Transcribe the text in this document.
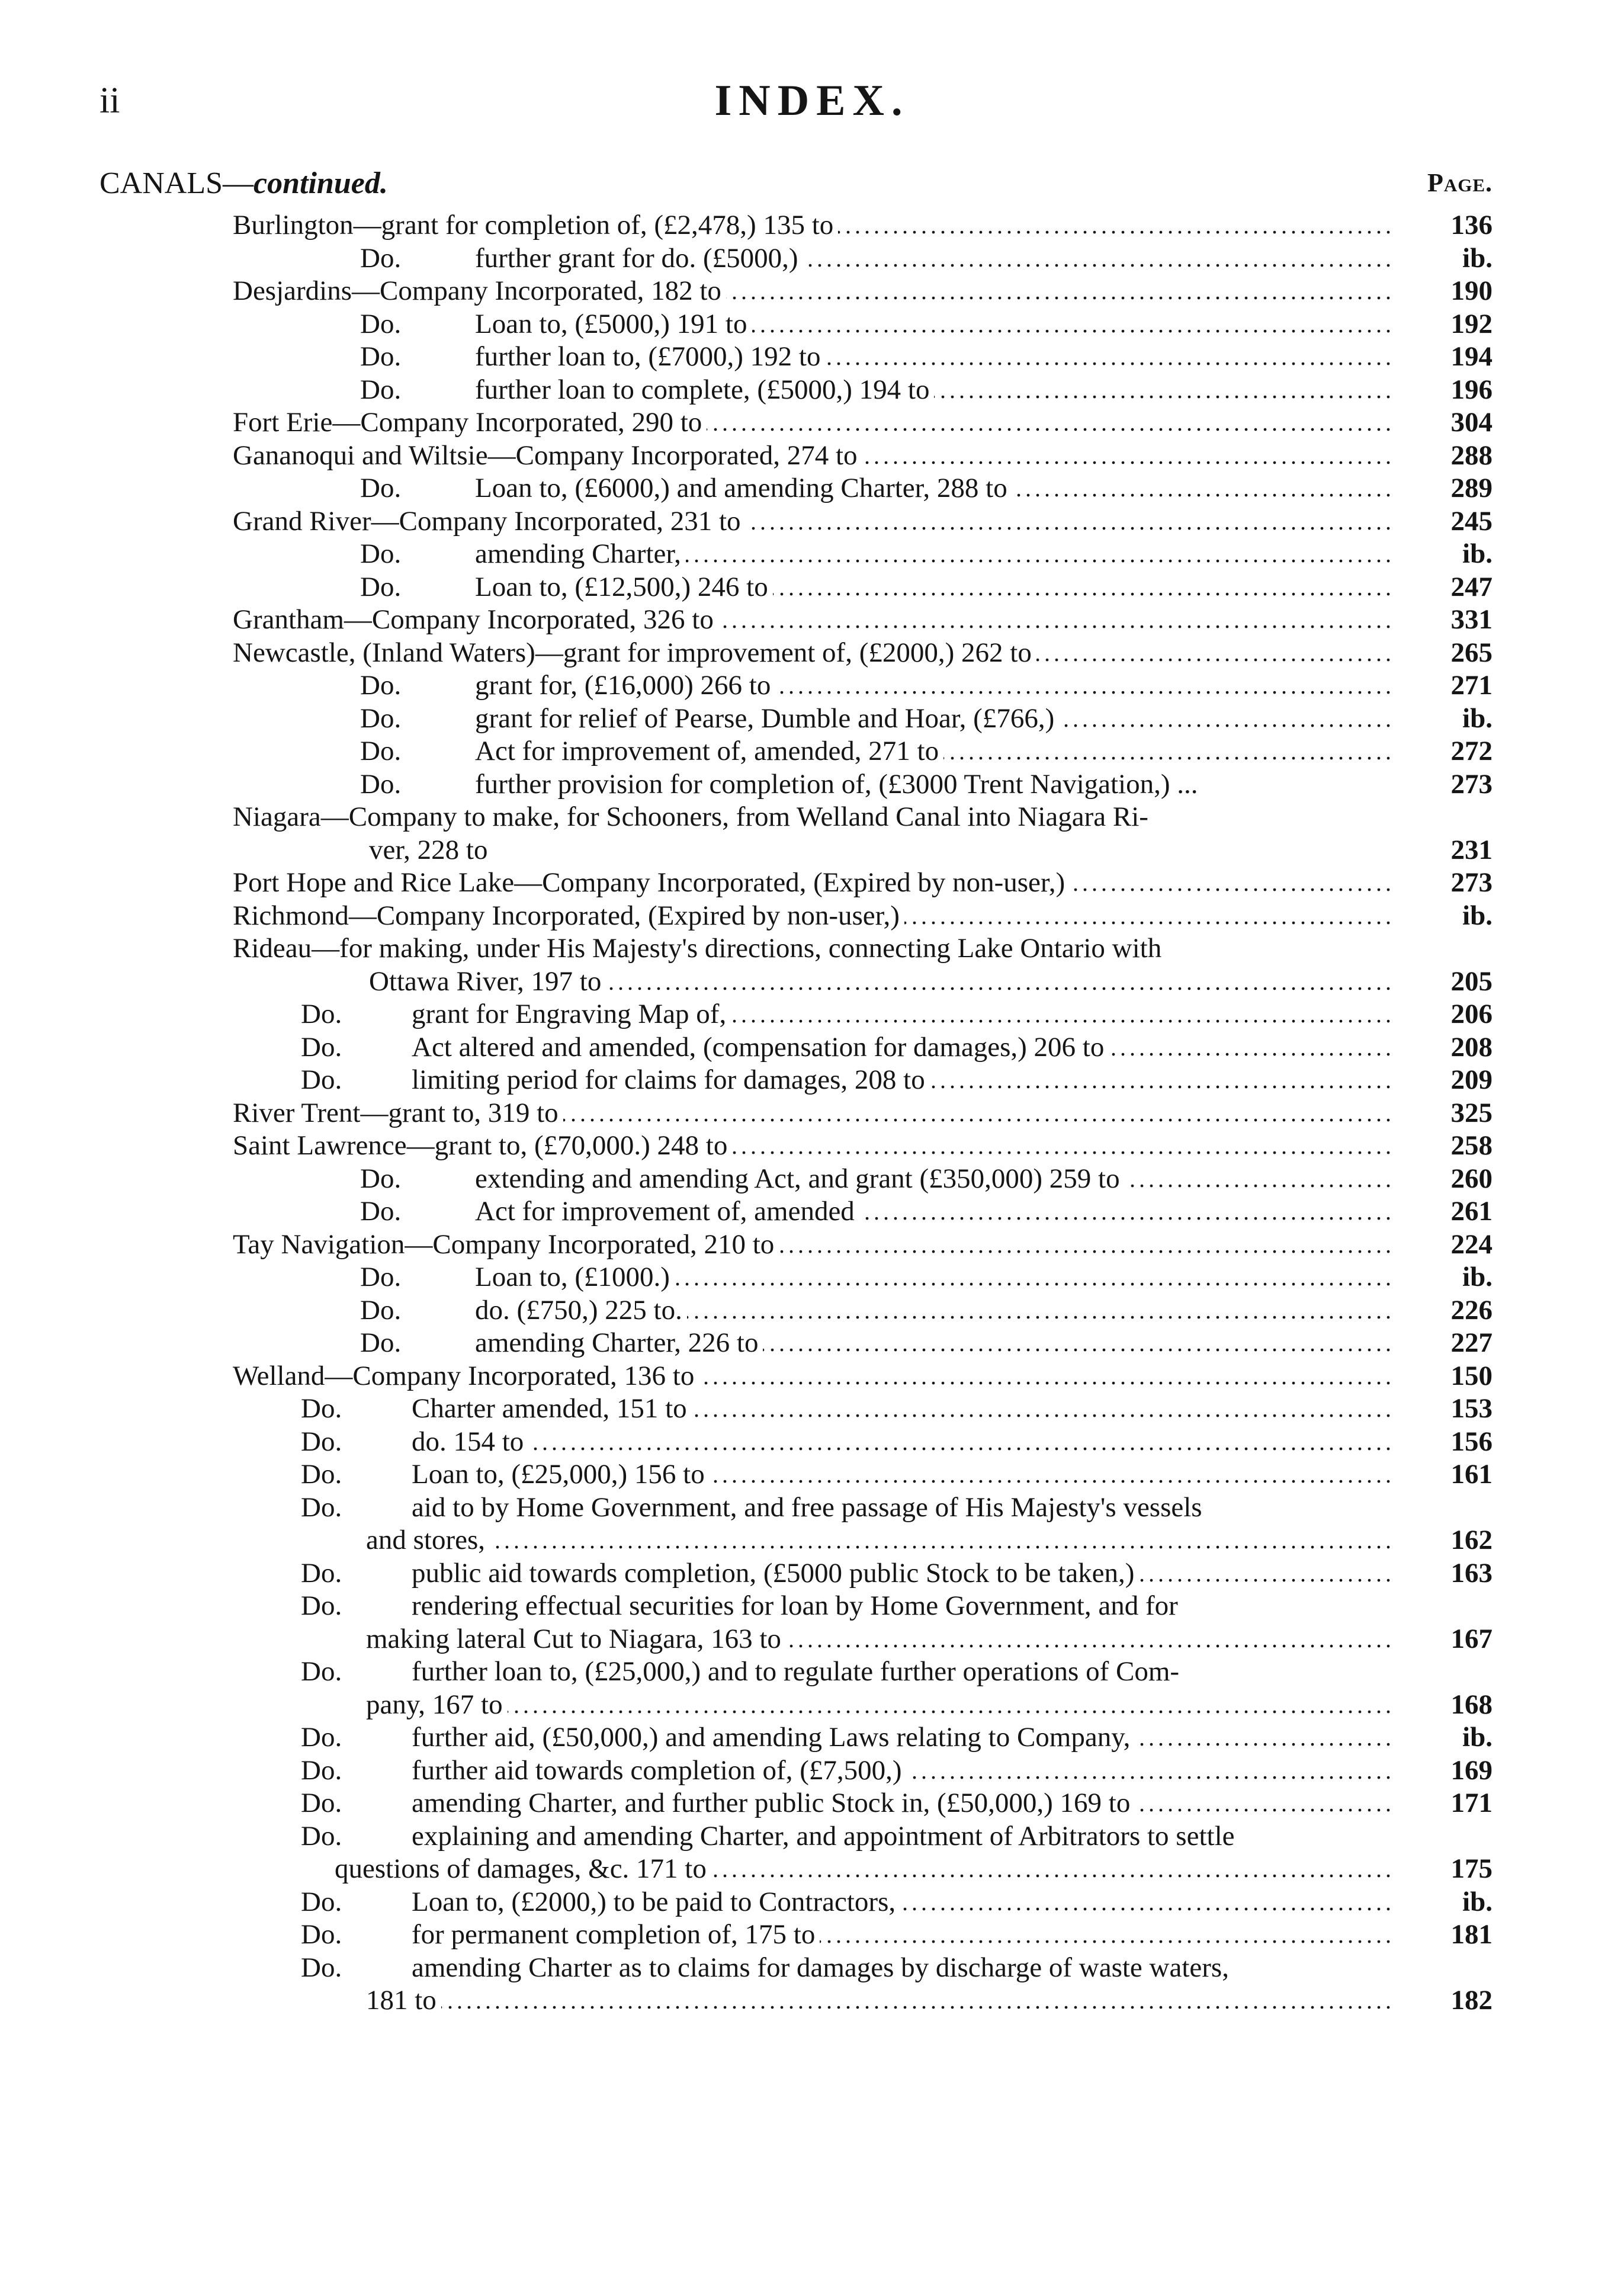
ii	INDEX.
CANALS—continued.	Page.
. . .
Burlington—grant for completion of, (£2,478,) 135 to	136
Do. . . .	further grant for do. (£5000,)	ib.
. . .
Desjardins—Company Incorporated, 182 to	190
Do. . . .	Loan to, (£5000,) 191 to	192
Do. . . .	further loan to, (£7000,) 192 to	194
Do. . . .	further loan to complete, (£5000,) 194 to	196
. . .
Fort Erie—Company Incorporated, 290 to	304
. . .
Gananoqui and Wiltsie—Company Incorporated, 274 to	288
Do. . . .	Loan to, (£6000,) and amending Charter, 288 to	289
. . .
Grand River—Company Incorporated, 231 to	245
Do. . . .	amending Charter,	ib.
Do. . . .	Loan to, (£12,500,) 246 to	247
. . .
Grantham—Company Incorporated, 326 to	331
. . .
Newcastle, (Inland Waters)—grant for improvement of, (£2000,) 262 to	265
Do. . . .	grant for, (£16,000) 266 to	271
Do. . . .	grant for relief of Pearse, Dumble and Hoar, (£766,)	ib.
Do. . . .	Act for improvement of, amended, 271 to	272
Do.	further provision for completion of, (£3000 Trent Navigation,) ...	273
Niagara—Company to make, for Schooners, from Welland Canal into Niagara Ri-
ver, 228 to	231
. . .
Port Hope and Rice Lake—Company Incorporated, (Expired by non-user,)	273
. . .
Richmond—Company Incorporated, (Expired by non-user,)	ib.
Rideau—for making, under His Majesty's directions, connecting Lake Ontario with
. . .
Ottawa River, 197 to	205
Do. . . .	grant for Engraving Map of,	206
Do. . . .	Act altered and amended, (compensation for damages,) 206 to	208
Do. . . .	limiting period for claims for damages, 208 to	209
. . .
River Trent—grant to, 319 to	325
. . .
Saint Lawrence—grant to, (£70,000.) 248 to	258
Do. . . .	extending and amending Act, and grant (£350,000) 259 to	260
Do. . . .	Act for improvement of, amended	261
. . .
Tay Navigation—Company Incorporated, 210 to	224
Do. . . .	Loan to, (£1000.)	ib.
Do. . . .	do. (£750,) 225 to.	226
Do. . . .	amending Charter, 226 to	227
. . .
Welland—Company Incorporated, 136 to	150
Do. . . .	Charter amended, 151 to	153
Do. . . .	do. 154 to	156
Do. . . .	Loan to, (£25,000,) 156 to	161
Do.	aid to by Home Government, and free passage of His Majesty's vessels
. . .
and stores,	162
Do. . . .	public aid towards completion, (£5000 public Stock to be taken,)	163
Do.	rendering effectual securities for loan by Home Government, and for
. . .
making lateral Cut to Niagara, 163 to	167
Do.	further loan to, (£25,000,) and to regulate further operations of Com-
. . .
pany, 167 to	168
Do. . . .	further aid, (£50,000,) and amending Laws relating to Company,	ib.
Do. . . .	further aid towards completion of, (£7,500,)	169
Do. . . .	amending Charter, and further public Stock in, (£50,000,) 169 to	171
Do.	explaining and amending Charter, and appointment of Arbitrators to settle
. . .
questions of damages, &c. 171 to	175
Do. . . .	Loan to, (£2000,) to be paid to Contractors,	ib.
Do. . . .	for permanent completion of, 175 to	181
Do.	amending Charter as to claims for damages by discharge of waste waters,
. . .
181 to	182
